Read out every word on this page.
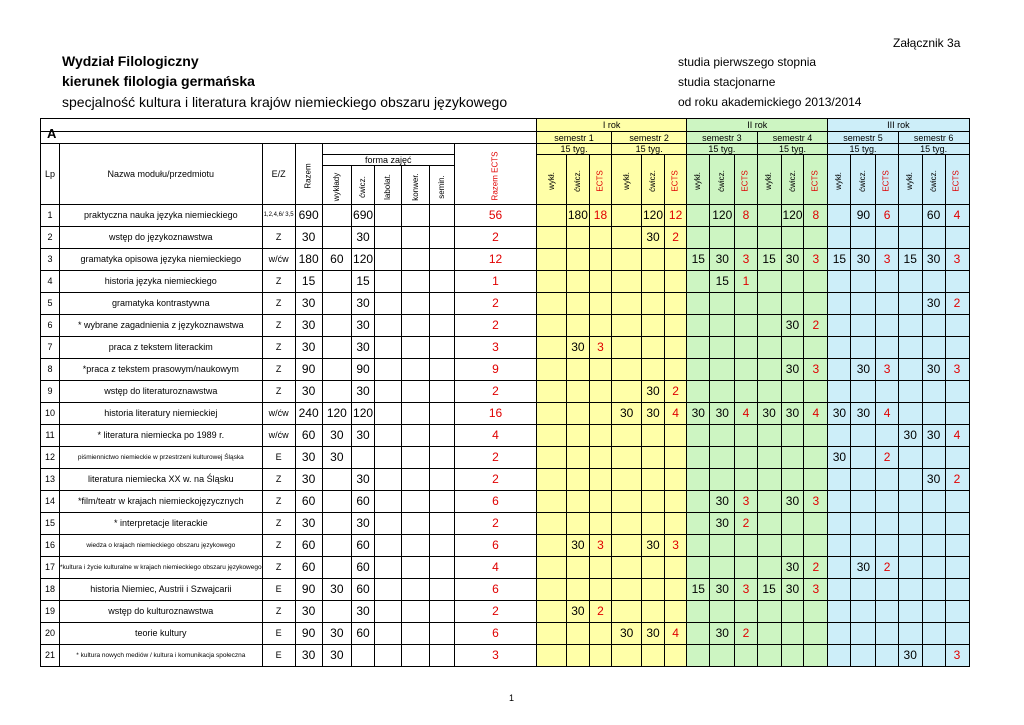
Załącznik 3a
Wydział Filologiczny
kierunek filologia germańska
specjalność kultura i literatura krajów niemieckiego obszaru językowego
studia pierwszego stopnia
studia stacjonarne
od roku akademickiego 2013/2014
A
										I rok						II rok						III rok					
										semestr 1			semestr 2			semestr 3			semestr 4			semestr 5			semestr 6		
Lp	Nazwa modułu/przedmiotu	E/Z	Razem						Razem ECTS	15 tyg.			15 tyg.			15 tyg.			15 tyg.			15 tyg.			15 tyg.		
				forma zajęć						wykł.	ćwicz.	ECTS	wykł.	ćwicz.	ECTS	wykł.	ćwicz.	ECTS	wykł.	ćwicz.	ECTS	wykł.	ćwicz.	ECTS	wykł.	ćwicz.	ECTS
				wykłady	ćwicz.	labolat.	konwer.	semin.																			
1	praktyczna nauka języka niemieckiego	1,2,4,6/ 3,5	690		690				56		180	18		120	12		120	8		120	8		90	6		60	4
2	wstęp do językoznawstwa	Z	30		30				2					30	2												
3	gramatyka opisowa języka niemieckiego	w/ćw	180	60	120				12							15	30	3	15	30	3	15	30	3	15	30	3
4	historia języka niemieckiego	Z	15		15				1								15	1									
5	gramatyka kontrastywna	Z	30		30				2																	30	2
6	* wybrane zagadnienia z językoznawstwa	Z	30		30				2											30	2						
7	praca z tekstem literackim	Z	30		30				3		30	3															
8	*praca z tekstem prasowym/naukowym	Z	90		90				9											30	3		30	3		30	3
9	wstęp do literaturoznawstwa	Z	30		30				2					30	2												
10	historia literatury niemieckiej	w/ćw	240	120	120				16				30	30	4	30	30	4	30	30	4	30	30	4			
11	* literatura niemiecka po 1989 r.	w/ćw	60	30	30				4																30	30	4
12	piśmiennictwo niemieckie w przestrzeni kulturowej Śląska	E	30	30					2													30		2			
13	literatura niemiecka XX w. na Śląsku	Z	30		30				2																	30	2
14	*film/teatr w krajach niemieckojęzycznych	Z	60		60				6								30	3		30	3						
15	* interpretacje literackie	Z	30		30				2								30	2									
16	wiedza o krajach niemieckiego obszaru językowego	Z	60		60				6		30	3		30	3												
17	*kultura i życie kulturalne w krajach niemieckiego obszaru językowego	Z	60		60				4											30	2		30	2			
18	historia Niemiec, Austrii i Szwajcarii	E	90	30	60				6							15	30	3	15	30	3						
19	wstęp do kulturoznawstwa	Z	30		30				2		30	2															
20	teorie kultury	E	90	30	60				6				30	30	4		30	2									
21	* kultura nowych mediów / kultura i komunikacja społeczna	E	30	30					3																30		3
1
